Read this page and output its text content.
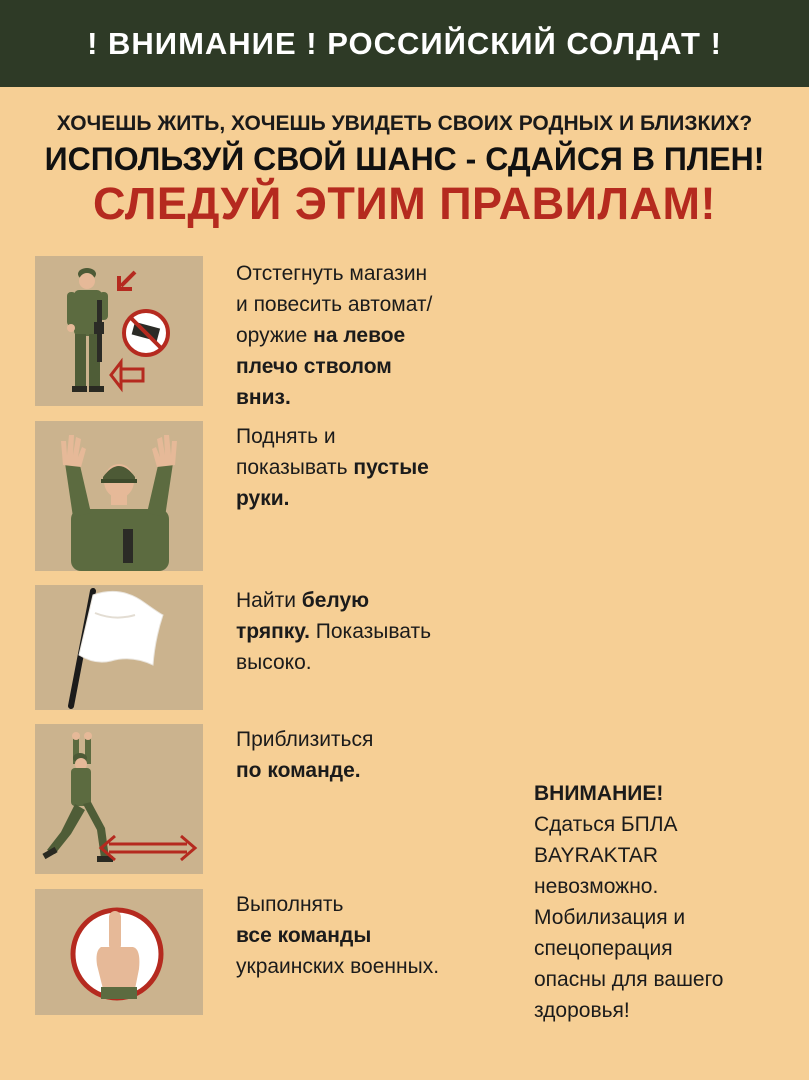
! ВНИМАНИЕ ! РОССИЙСКИЙ СОЛДАТ !
ХОЧЕШЬ ЖИТЬ, ХОЧЕШЬ УВИДЕТЬ СВОИХ РОДНЫХ И БЛИЗКИХ?
ИСПОЛЬЗУЙ СВОЙ ШАНС - СДАЙСЯ В ПЛЕН!
СЛЕДУЙ ЭТИМ ПРАВИЛАМ!
Отстегнуть магазин
и повесить автомат/
оружие на левое
плечо стволом
вниз.
Поднять и
показывать пустые
руки.
Найти белую
тряпку. Показывать
высоко.
Приблизиться
по команде.
Выполнять
все команды
украинских военных.
ВНИМАНИЕ!
Сдаться БПЛА
BAYRAKTAR
невозможно.
Мобилизация и
спецоперация
опасны для вашего
здоровья!
